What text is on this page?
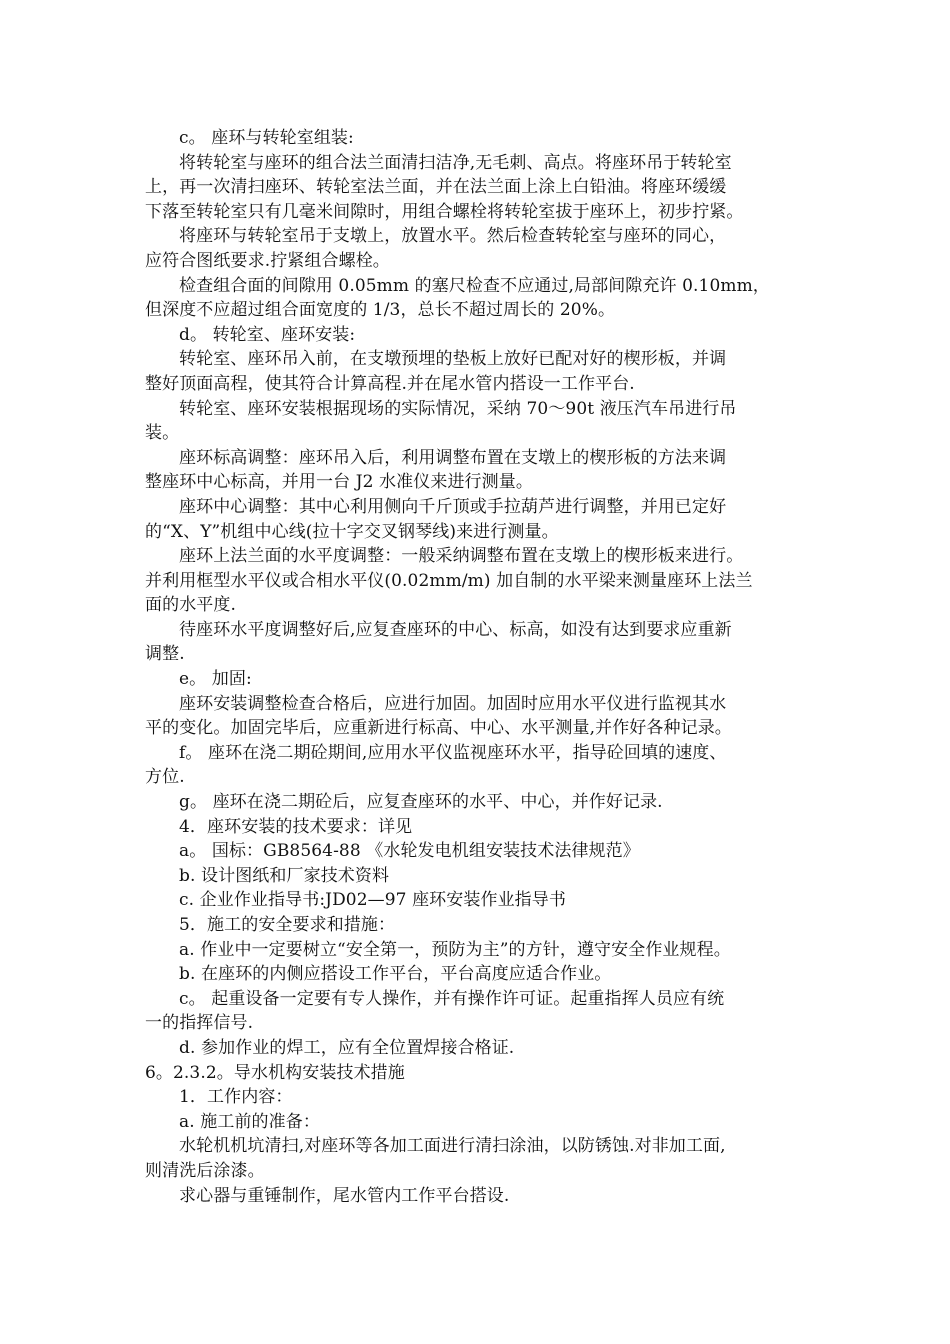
c。 座环与转轮室组装:
将转轮室与座环的组合法兰面清扫洁净,无毛刺、高点。将座环吊于转轮室
上，再一次清扫座环、转轮室法兰面，并在法兰面上涂上白铅油。将座环缓缓
下落至转轮室只有几毫米间隙时，用组合螺栓将转轮室拔于座环上，初步拧紧。
将座环与转轮室吊于支墩上，放置水平。然后检查转轮室与座环的同心，
应符合图纸要求.拧紧组合螺栓。
检查组合面的间隙用 0.05mm 的塞尺检查不应通过,局部间隙充许 0.10mm，
但深度不应超过组合面宽度的 1/3，总长不超过周长的 20%。
d。 转轮室、座环安装:
转轮室、座环吊入前，在支墩预埋的垫板上放好已配对好的楔形板，并调
整好顶面高程，使其符合计算高程.并在尾水管内搭设一工作平台.
转轮室、座环安装根据现场的实际情况，采纳 70～90t 液压汽车吊进行吊
装。
座环标高调整：座环吊入后，利用调整布置在支墩上的楔形板的方法来调
整座环中心标高，并用一台 J2 水准仪来进行测量。
座环中心调整：其中心利用侧向千斤顶或手拉葫芦进行调整，并用已定好
的“X、Y”机组中心线(拉十字交叉钢琴线)来进行测量。
座环上法兰面的水平度调整：一般采纳调整布置在支墩上的楔形板来进行。
并利用框型水平仪或合相水平仪(0.02mm/m) 加自制的水平梁来测量座环上法兰
面的水平度.
待座环水平度调整好后,应复查座环的中心、标高，如没有达到要求应重新
调整.
e。 加固:
座环安装调整检查合格后，应进行加固。加固时应用水平仪进行监视其水
平的变化。加固完毕后，应重新进行标高、中心、水平测量,并作好各种记录。
f。 座环在浇二期砼期间,应用水平仪监视座环水平，指导砼回填的速度、
方位.
g。 座环在浇二期砼后，应复查座环的水平、中心，并作好记录.
4．座环安装的技术要求：详见
a。 国标：GB8564-88 《水轮发电机组安装技术法律规范》
b. 设计图纸和厂家技术资料
c. 企业作业指导书:JD02—97 座环安装作业指导书
5．施工的安全要求和措施：
a. 作业中一定要树立“安全第一，预防为主”的方针，遵守安全作业规程。
b. 在座环的内侧应搭设工作平台，平台高度应适合作业。
c。 起重设备一定要有专人操作，并有操作许可证。起重指挥人员应有统
一的指挥信号.
d. 参加作业的焊工，应有全位置焊接合格证.
6。2.3.2。导水机构安装技术措施
1．工作内容：
a. 施工前的准备：
水轮机机坑清扫,对座环等各加工面进行清扫涂油，以防锈蚀.对非加工面,
则清洗后涂漆。
求心器与重锤制作，尾水管内工作平台搭设.
